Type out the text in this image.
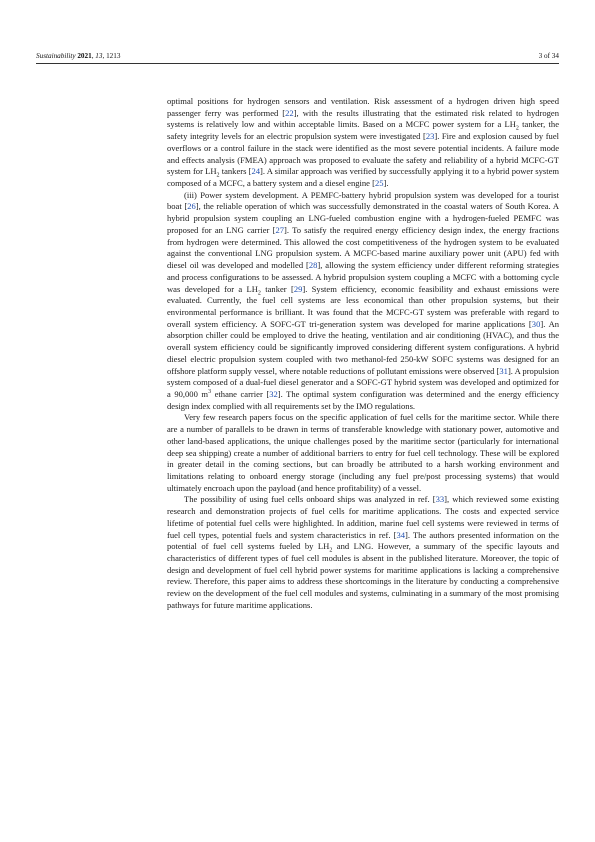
Sustainability 2021, 13, 1213	3 of 34

optimal positions for hydrogen sensors and ventilation. Risk assessment of a hydrogen driven high speed passenger ferry was performed [22], with the results illustrating that the estimated risk related to hydrogen systems is relatively low and within acceptable limits. Based on a MCFC power system for a $LH_2$ tanker, the safety integrity levels for an electric propulsion system were investigated [23]. Fire and explosion caused by fuel overflows or a control failure in the stack were identified as the most severe potential incidents. A failure mode and effects analysis (FMEA) approach was proposed to evaluate the safety and reliability of a hybrid MCFC-GT system for $LH_2$ tankers [24]. A similar approach was verified by successfully applying it to a hybrid power system composed of a MCFC, a battery system and a diesel engine [25].

(iii) Power system development. A PEMFC-battery hybrid propulsion system was developed for a tourist boat [26], the reliable operation of which was successfully demonstrated in the coastal waters of South Korea. A hybrid propulsion system coupling an LNG-fueled combustion engine with a hydrogen-fueled PEMFC was proposed for an LNG carrier [27]. To satisfy the required energy efficiency design index, the energy fractions from hydrogen were determined. This allowed the cost competitiveness of the hydrogen system to be evaluated against the conventional LNG propulsion system. A MCFC-based marine auxiliary power unit (APU) fed with diesel oil was developed and modelled [28], allowing the system efficiency under different reforming strategies and process configurations to be assessed. A hybrid propulsion system coupling a MCFC with a bottoming cycle was developed for a $LH_2$ tanker [29]. System efficiency, economic feasibility and exhaust emissions were evaluated. Currently, the fuel cell systems are less economical than other propulsion systems, but their environmental performance is brilliant. It was found that the MCFC-GT system was preferable with regard to overall system efficiency. A SOFC-GT tri-generation system was developed for marine applications [30]. An absorption chiller could be employed to drive the heating, ventilation and air conditioning (HVAC), and thus the overall system efficiency could be significantly improved considering different system configurations. A hybrid diesel electric propulsion system coupled with two methanol-fed 250-kW SOFC systems was designed for an offshore platform supply vessel, where notable reductions of pollutant emissions were observed [31]. A propulsion system composed of a dual-fuel diesel generator and a SOFC-GT hybrid system was developed and optimized for a 90,000 $m^3$ ethane carrier [32]. The optimal system configuration was determined and the energy efficiency design index complied with all requirements set by the IMO regulations.

Very few research papers focus on the specific application of fuel cells for the maritime sector. While there are a number of parallels to be drawn in terms of transferable knowledge with stationary power, automotive and other land-based applications, the unique challenges posed by the maritime sector (particularly for international deep sea shipping) create a number of additional barriers to entry for fuel cell technology. These will be explored in greater detail in the coming sections, but can broadly be attributed to a harsh working environment and limitations relating to onboard energy storage (including any fuel pre/post processing systems) that would ultimately encroach upon the payload (and hence profitability) of a vessel.

The possibility of using fuel cells onboard ships was analyzed in ref. [33], which reviewed some existing research and demonstration projects of fuel cells for maritime applications. The costs and expected service lifetime of potential fuel cells were highlighted. In addition, marine fuel cell systems were reviewed in terms of fuel cell types, potential fuels and system characteristics in ref. [34]. The authors presented information on the potential of fuel cell systems fueled by $LH_2$ and LNG. However, a summary of the specific layouts and characteristics of different types of fuel cell modules is absent in the published literature. Moreover, the topic of design and development of fuel cell hybrid power systems for maritime applications is lacking a comprehensive review. Therefore, this paper aims to address these shortcomings in the literature by conducting a comprehensive review on the development of the fuel cell modules and systems, culminating in a summary of the most promising pathways for future maritime applications.
